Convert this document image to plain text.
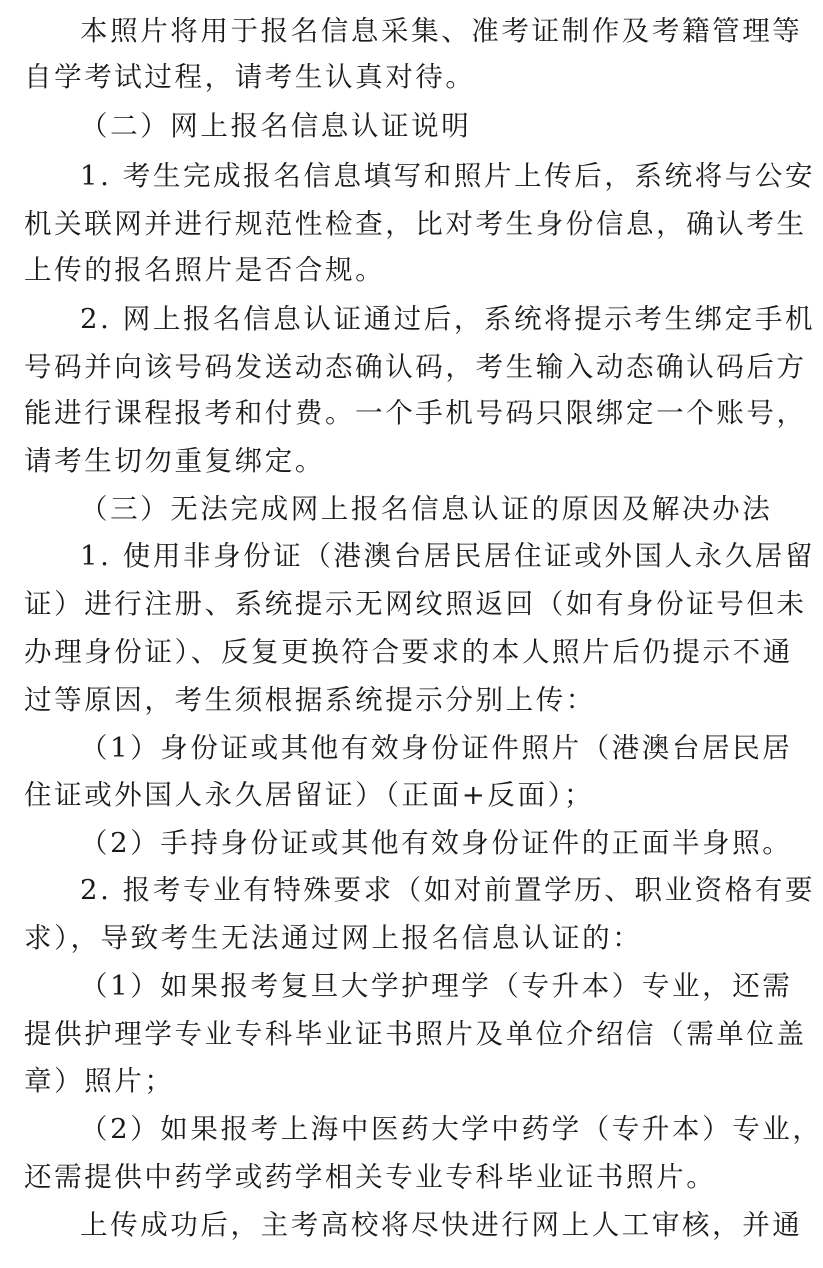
本照片将用于报名信息采集、准考证制作及考籍管理等
自学考试过程，请考生认真对待。
（二）网上报名信息认证说明
1. 考生完成报名信息填写和照片上传后，系统将与公安
机关联网并进行规范性检查，比对考生身份信息，确认考生
上传的报名照片是否合规。
2. 网上报名信息认证通过后，系统将提示考生绑定手机
号码并向该号码发送动态确认码，考生输入动态确认码后方
能进行课程报考和付费。一个手机号码只限绑定一个账号，
请考生切勿重复绑定。
（三）无法完成网上报名信息认证的原因及解决办法
1. 使用非身份证（港澳台居民居住证或外国人永久居留
证）进行注册、系统提示无网纹照返回（如有身份证号但未
办理身份证）、反复更换符合要求的本人照片后仍提示不通
过等原因，考生须根据系统提示分别上传：
（1）身份证或其他有效身份证件照片（港澳台居民居
住证或外国人永久居留证）（正面+反面）；
（2）手持身份证或其他有效身份证件的正面半身照。
2. 报考专业有特殊要求（如对前置学历、职业资格有要
求），导致考生无法通过网上报名信息认证的：
（1）如果报考复旦大学护理学（专升本）专业，还需
提供护理学专业专科毕业证书照片及单位介绍信（需单位盖
章）照片；
（2）如果报考上海中医药大学中药学（专升本）专业，
还需提供中药学或药学相关专业专科毕业证书照片。
上传成功后，主考高校将尽快进行网上人工审核，并通
